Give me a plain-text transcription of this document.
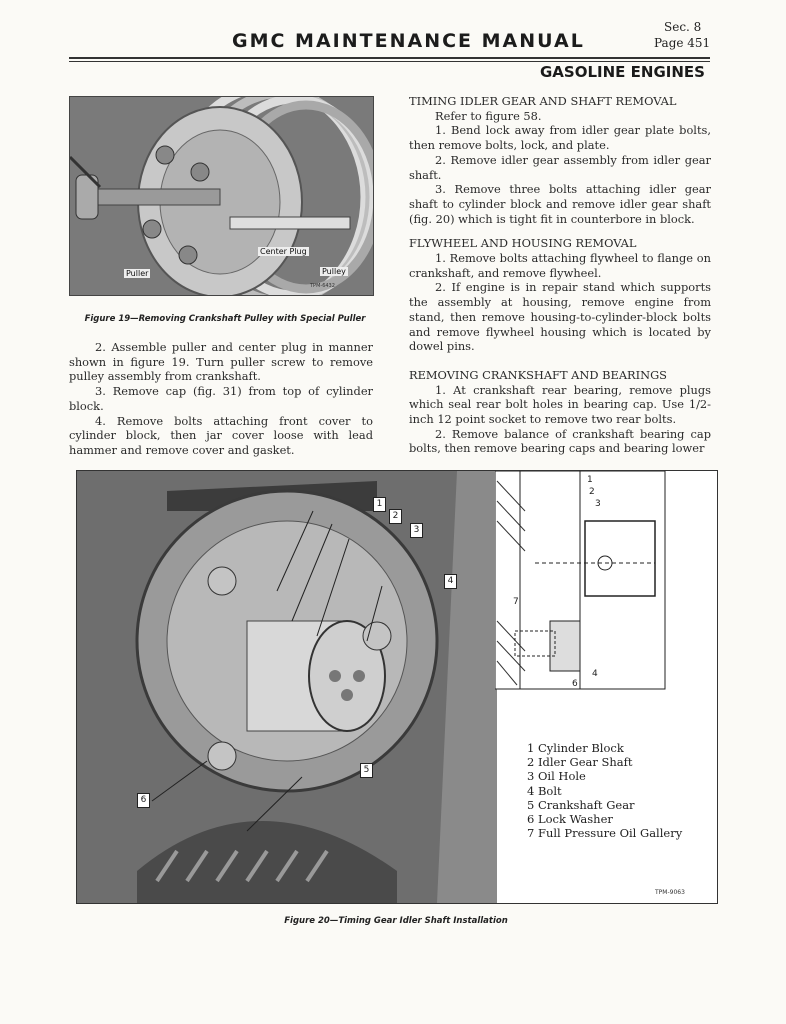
GMC MAINTENANCE MANUAL
Sec. 8
Page 451
GASOLINE ENGINES
Puller
Center Plug
Pulley
TPM-6432
Figure 19—Removing Crankshaft Pulley with Special Puller

2. Assemble puller and center plug in manner shown in figure 19. Turn puller screw to remove pulley assembly from crankshaft.

3. Remove cap (fig. 31) from top of cylinder block.

4. Remove bolts attaching front cover to cylinder block, then jar cover loose with lead hammer and remove cover and gasket.

TIMING IDLER GEAR AND SHAFT REMOVAL

Refer to figure 58.

1. Bend lock away from idler gear plate bolts, then remove bolts, lock, and plate.

2. Remove idler gear assembly from idler gear shaft.

3. Remove three bolts attaching idler gear shaft to cylinder block and remove idler gear shaft (fig. 20) which is tight fit in counterbore in block.

FLYWHEEL AND HOUSING REMOVAL

1. Remove bolts attaching flywheel to flange on crankshaft, and remove flywheel.

2. If engine is in repair stand which supports the assembly at housing, remove engine from stand, then remove housing-to-cylinder-block bolts and remove flywheel housing which is located by dowel pins.

REMOVING CRANKSHAFT AND BEARINGS

1. At crankshaft rear bearing, remove plugs which seal rear bolt holes in bearing cap. Use 1/2-inch 12 point socket to remove two rear bolts.

2. Remove balance of crankshaft bearing cap bolts, then remove bearing caps and bearing lower

1
2
3
4
5
6
1
2
3
7
6
4
1 Cylinder Block
2 Idler Gear Shaft
3 Oil Hole
4 Bolt
5 Crankshaft Gear
6 Lock Washer
7 Full Pressure Oil Gallery
TPM-9063
Figure 20—Timing Gear Idler Shaft Installation
